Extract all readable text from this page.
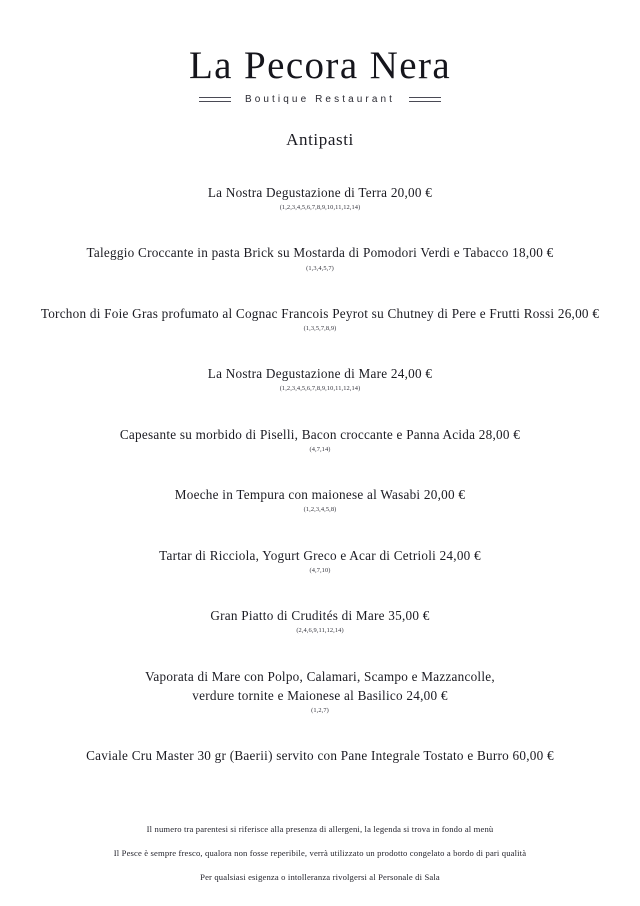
La Pecora Nera
Boutique Restaurant
Antipasti
La Nostra Degustazione di Terra 20,00 €
(1,2,3,4,5,6,7,8,9,10,11,12,14)
Taleggio Croccante in pasta Brick su Mostarda di Pomodori Verdi e Tabacco 18,00 €
(1,3,4,5,7)
Torchon di Foie Gras profumato al Cognac Francois Peyrot su Chutney di Pere e Frutti Rossi 26,00 €
(1,3,5,7,8,9)
La Nostra Degustazione di Mare 24,00 €
(1,2,3,4,5,6,7,8,9,10,11,12,14)
Capesante su morbido di Piselli, Bacon croccante e Panna Acida 28,00 €
(4,7,14)
Moeche in Tempura con maionese al Wasabi 20,00 €
(1,2,3,4,5,8)
Tartar di Ricciola, Yogurt Greco e Acar di Cetrioli 24,00 €
(4,7,10)
Gran Piatto di Crudités di Mare 35,00 €
(2,4,6,9,11,12,14)
Vaporata di Mare con Polpo, Calamari, Scampo e Mazzancolle, verdure tornite e Maionese al Basilico 24,00 €
(1,2,7)
Caviale Cru Master 30 gr (Baerii) servito con Pane Integrale Tostato e Burro 60,00 €
Il numero tra parentesi si riferisce alla presenza di allergeni, la legenda si trova in fondo al menù
Il Pesce è sempre fresco, qualora non fosse reperibile, verrà utilizzato un prodotto congelato a bordo di pari qualità
Per qualsiasi esigenza o intolleranza rivolgersi al Personale di Sala
